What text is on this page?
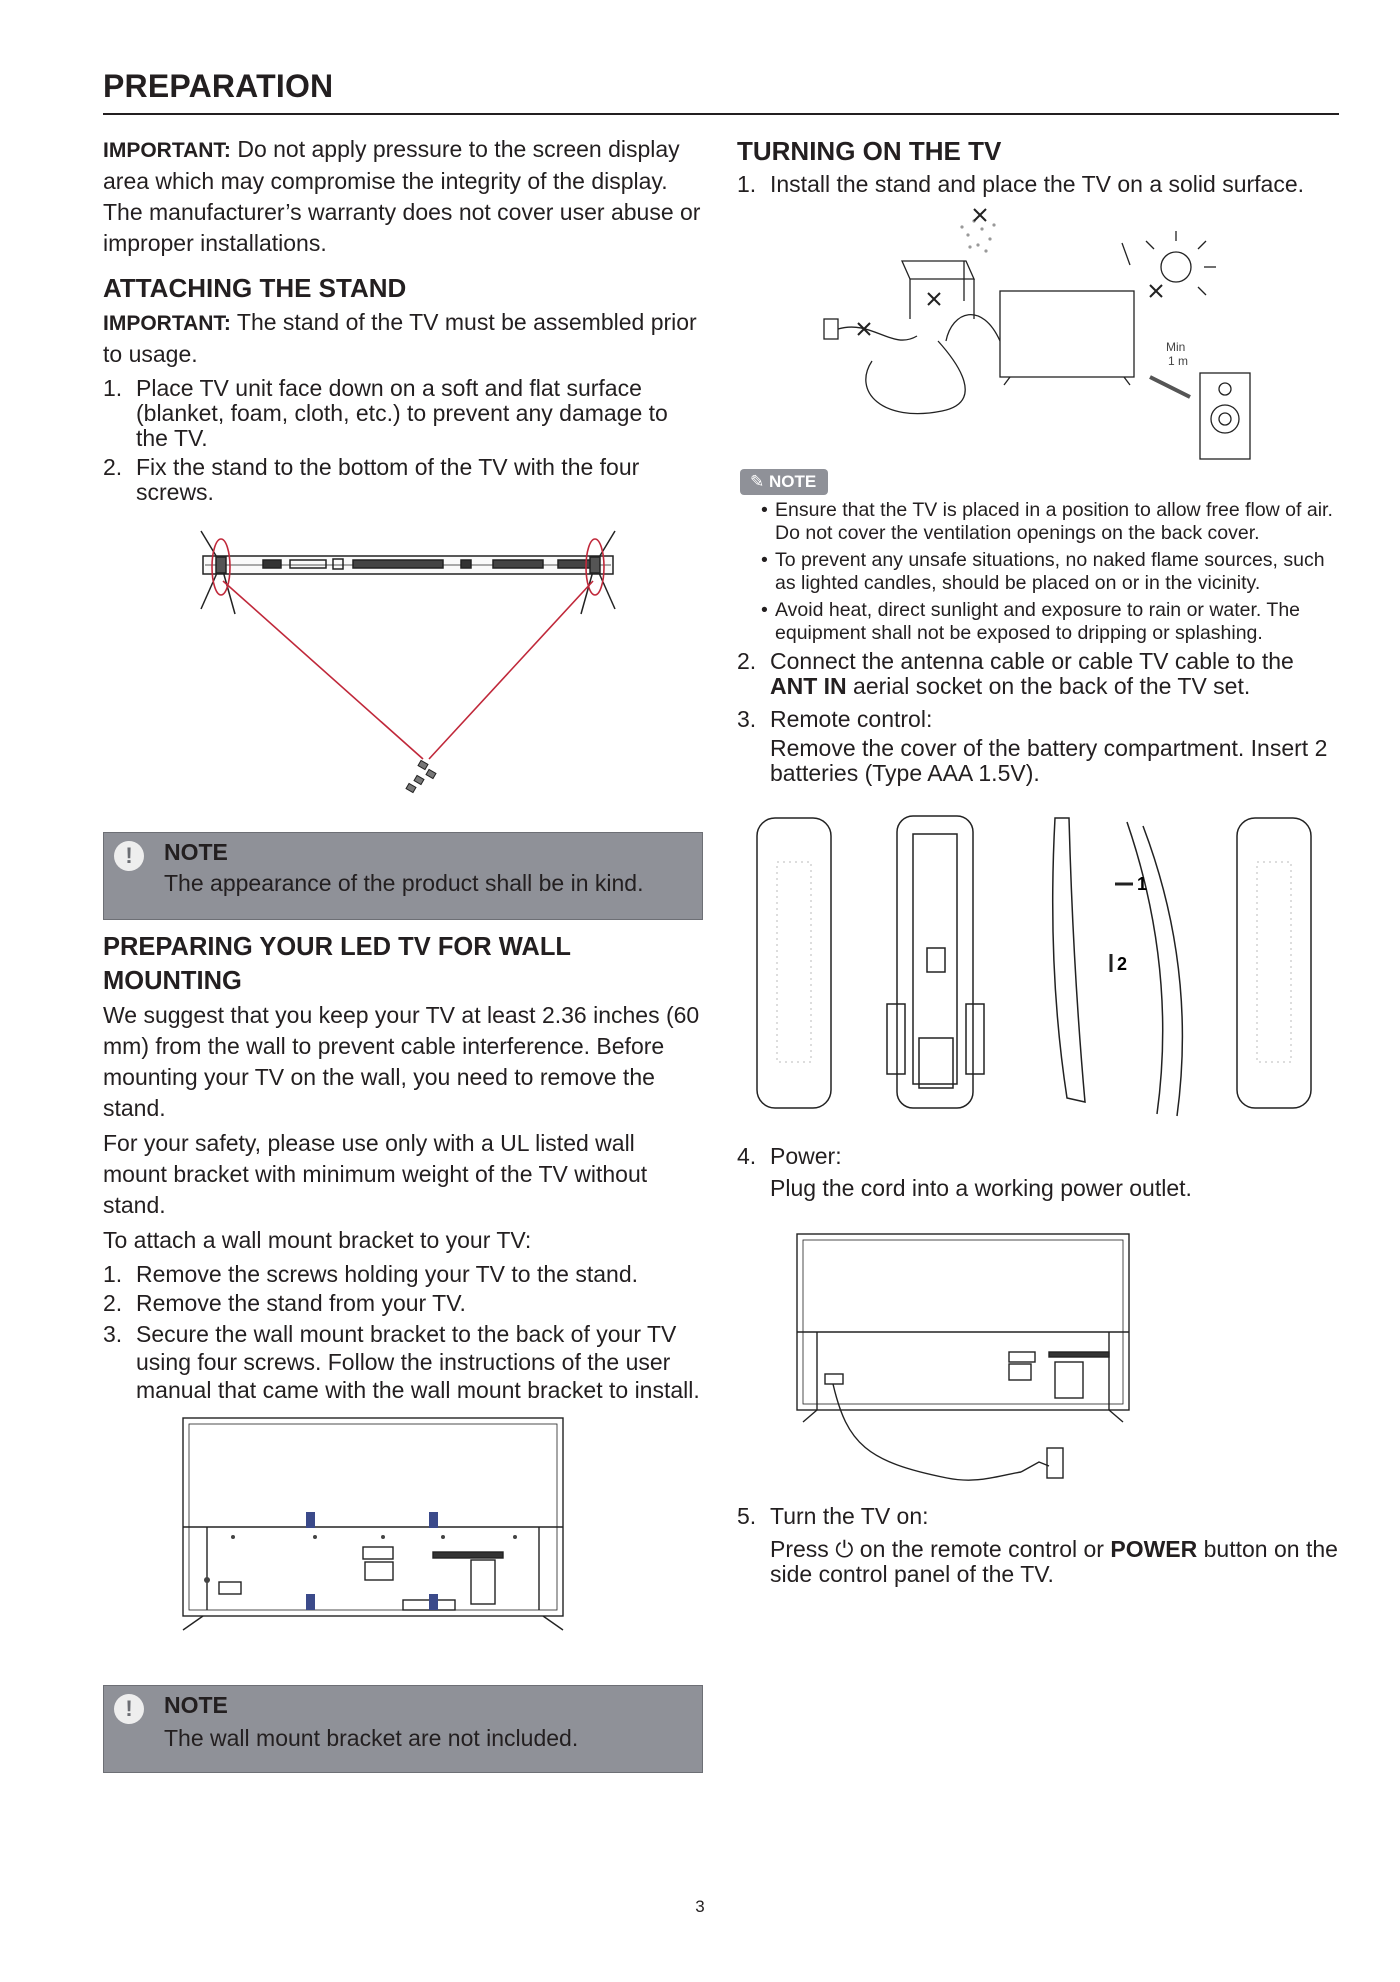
PREPARATION

IMPORTANT: Do not apply pressure to the screen display area which may compromise the integrity of the display. The manufacturer’s warranty does not cover user abuse or improper installations.

ATTACHING THE STAND

IMPORTANT: The stand of the TV must be assembled prior to usage.

1. Place TV unit face down on a soft and flat surface (blanket, foam, cloth, etc.) to prevent any damage to the TV.
2. Fix the stand to the bottom of the TV with the four screws.
!	NOTE
The appearance of the product shall be in kind.
PREPARING YOUR LED TV FOR WALL MOUNTING

We suggest that you keep your TV at least 2.36 inches (60 mm) from the wall to prevent cable interference. Before mounting your TV on the wall, you need to remove the stand.

For your safety, please use only with a UL listed wall mount bracket with minimum weight of the TV without stand.

To attach a wall mount bracket to your TV:

1. Remove the screws holding your TV to the stand.
2. Remove the stand from your TV.
3. Secure the wall mount bracket to the back of your TV using four screws. Follow the instructions of the user manual that came with the wall mount bracket to install.
!	NOTE
The wall mount bracket are not included.
TURNING ON THE TV
1. Install the stand and place the TV on a solid surface.
Min
1 m
✎ NOTE
• Ensure that the TV is placed in a position to allow free flow of air. Do not cover the ventilation openings on the back cover.
• To prevent any unsafe situations, no naked flame sources, such as lighted candles, should be placed on or in the vicinity.
• Avoid heat, direct sunlight and exposure to rain or water. The equipment shall not be exposed to dripping or splashing.
2. Connect the antenna cable or cable TV cable to the ANT IN aerial socket on the back of the TV set.
3. Remote control:

Remove the cover of the battery compartment. Insert 2 batteries (Type AAA 1.5V).

1
2
4. Power:

Plug the cord into a working power outlet.

5. Turn the TV on:

Press ⏻ on the remote control or POWER button on the side control panel of the TV.

3
